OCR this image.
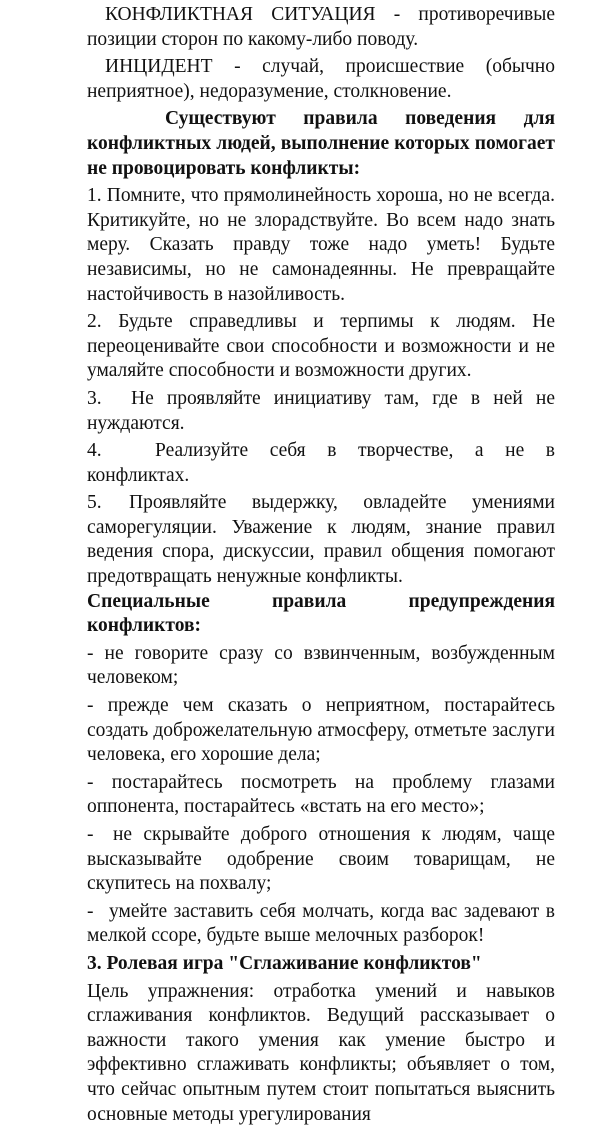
КОНФЛИКТНАЯ СИТУАЦИЯ - противоречивые позиции сторон по какому-либо поводу.

ИНЦИДЕНТ - случай, происшествие (обычно неприятное), недоразумение, столкновение.

Существуют правила поведения для конфликтных людей, выполнение которых помогает не провоцировать конфликты:

1. Помните, что прямолинейность хороша, но не всегда. Критикуйте, но не злорадствуйте. Во всем надо знать меру. Сказать правду тоже надо уметь! Будьте независимы, но не самонадеянны. Не превращайте настойчивость в назойливость.

2. Будьте справедливы и терпимы к людям. Не переоценивайте свои способности и возможности и не умаляйте способности и возможности других.

3. Не проявляйте инициативу там, где в ней не нуждаются.

4.	Реализуйте себя в творчестве, а не в конфликтах.

5. Проявляйте выдержку, овладейте умениями саморегуляции. Уважение к людям, знание правил ведения спора, дискуссии, правил общения помогают предотвращать ненужные конфликты.

Специальные правила предупреждения конфликтов:

- не говорите сразу со взвинченным, возбужденным человеком;

- прежде чем сказать о неприятном, постарайтесь создать доброжелательную атмосферу, отметьте заслуги человека, его хорошие дела;

- постарайтесь посмотреть на проблему глазами оппонента, постарайтесь «встать на его место»;

- не скрывайте доброго отношения к людям, чаще высказывайте одобрение своим товарищам, не скупитесь на похвалу;

- умейте заставить себя молчать, когда вас задевают в мелкой ссоре, будьте выше мелочных разборок!

3. Ролевая игра "Сглаживание конфликтов"

Цель упражнения: отработка умений и навыков сглаживания конфликтов. Ведущий рассказывает о важности такого умения как умение быстро и эффективно сглаживать конфликты; объявляет о том, что сейчас опытным путем стоит попытаться выяснить основные методы урегулирования
